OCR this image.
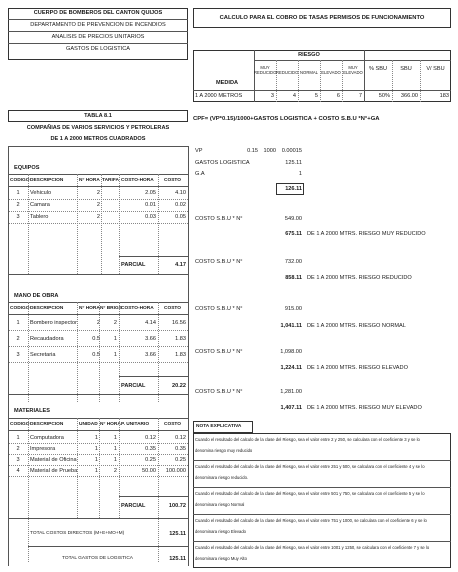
CUERPO DE BOMBEROS DEL CANTON QUIJOS
DEPARTAMENTO DE PREVENCION DE INCENDIOS
ANALISIS DE PRECIOS UNITARIOS
GASTOS DE LOGISTICA
TABLA 8.1
COMPAÑIAS DE VARIOS SERVICIOS Y PETROLERAS
DE 1 A 2000 METROS CUADRADOS
EQUIPOS
CODIGO DESCRIPCION	N° HORA TARIFA COSTO-HORA COSTO
1	Vehiculo	2	2.05	4.10
2	Camara	2	0.01	0.02
3	Tablero	2	0.03	0.05
PARCIAL	4.17
MANO DE OBRA
CODIGO DESCRIPCION	N° HORA N° BRIGS COSTO-HORA COSTO
1	Bombero inspector	2	2	4.14	16.56
2	Recaudadora	0.5	1	3.66	1.83
3	Secretaria	0.5	1	3.66	1.83
PARCIAL	20.22
MATERIALES
CODIGO DESCRIPCION	UNIDAD N° HORA P. UNITARIO	COSTO
1	Computadora	1	1	0.12	0.12
2	Impresora	1	1	0.35	0.35
3	Material de Oficina	1	1	0.25	0.25
4	Material de Prueba	1	2	50.00	100.000
PARCIAL	100.72
TOTAL COSTOS DIRECTOS (M+E+MO+M)	125.11
TOTAL GASTOS DE LOGISTICA	125.11
CALCULO PARA EL COBRO DE TASAS PERMISOS DE FUNCIONAMIENTO
RIESGO
MEDIDA
MUY REDUCIDO REDUCIDO NORMAL ELEVADO
MUY ELEVADO
% SBU	SBU	V/ SBU
1 A 2000 METROS	3	4	5	6	7	50%	366.00	183
CPF= (VP*0.15)/1000+GASTOS LOGISTICA + COSTO S.B.U *N°+GA
VP	0.15 1000	0.00015
GASTOS LOGISTICA	125.11
G.A	1
126.11
COSTO S.B.U * N°	549.00
675.11 DE 1 A 2000 MTRS. RIESGO MUY REDUCIDO
COSTO S.B.U * N°	732.00
858.11 DE 1 A 2000 MTRS. RIESGO REDUCIDO
COSTO S.B.U * N°	915.00
1,041.11 DE 1 A 2000 MTRS. RIESGO NORMAL
COSTO S.B.U * N°	1,098.00
1,224.11 DE 1 A 2000 MTRS. RIESGO ELEVADO
COSTO S.B.U * N°	1,281.00
1,407.11 DE 1 A 2000 MTRS. RIESGO MUY ELEVADO
NOTA EXPLICATIVA
Cuando el resultado del calculo de la clase del Riesgo, sea el valor entre 2 y 250, se calculara con el coeficiente 3 y se lo
denomina riesgo muy reducido
Cuando el resultado del calculo de la clase del Riesgo, sea el valor entre 251 y 500, se calculara con el coeficiente 4 y se lo
denominara riesgo reducido.
Cuando el resultado del calculo de la clase del Riesgo, sea el valor entre 501 y 750, se calculara con el coeficiente 5 y se lo
denominara riesgo Normal
Cuando el resultado del calculo de la clase del Riesgo, sea el valor entre 751 y 1000, se calculara con el coeficiente 6 y se lo
denominara riesgo Elevado
Cuando el resultado del calculo de la clase del Riesgo, sea el valor entre 1001 y 1250, se calculara con el coeficiente 7 y se lo
denominara riesgo Muy Alto
